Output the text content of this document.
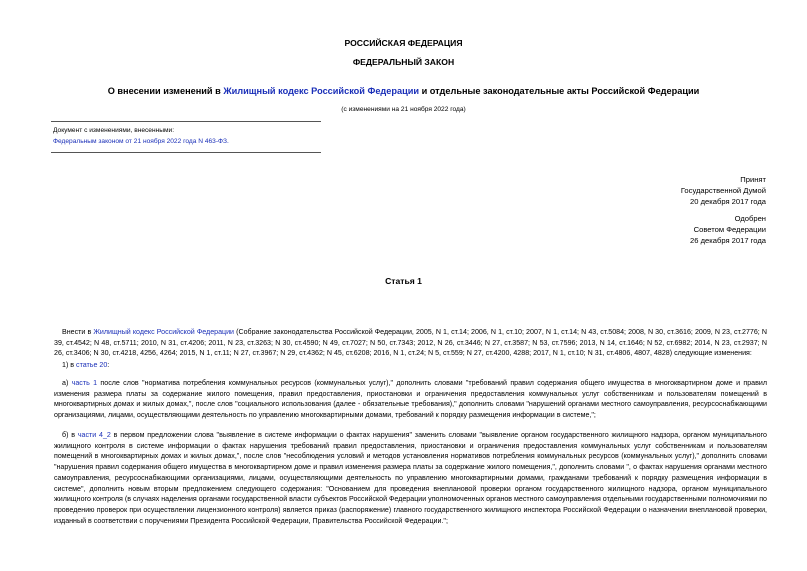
РОССИЙСКАЯ ФЕДЕРАЦИЯ
ФЕДЕРАЛЬНЫЙ ЗАКОН
О внесении изменений в Жилищный кодекс Российской Федерации и отдельные законодательные акты Российской Федерации
(с изменениями на 21 ноября 2022 года)
Документ с изменениями, внесенными:
Федеральным законом от 21 ноября 2022 года N 463-ФЗ.
Принят
Государственной Думой
20 декабря 2017 года
Одобрен
Советом Федерации
26 декабря 2017 года
Статья 1

Внести в Жилищный кодекс Российской Федерации (Собрание законодательства Российской Федерации, 2005, N 1, ст.14; 2006, N 1, ст.10; 2007, N 1, ст.14; N 43, ст.5084; 2008, N 30, ст.3616; 2009, N 23, ст.2776; N 39, ст.4542; N 48, ст.5711; 2010, N 31, ст.4206; 2011, N 23, ст.3263; N 30, ст.4590; N 49, ст.7027; N 50, ст.7343; 2012, N 26, ст.3446; N 27, ст.3587; N 53, ст.7596; 2013, N 14, ст.1646; N 52, ст.6982; 2014, N 23, ст.2937; N 26, ст.3406; N 30, ст.4218, 4256, 4264; 2015, N 1, ст.11; N 27, ст.3967; N 29, ст.4362; N 45, ст.6208; 2016, N 1, ст.24; N 5, ст.559; N 27, ст.4200, 4288; 2017, N 1, ст.10; N 31, ст.4806, 4807, 4828) следующие изменения:

1) в статье 20:

а) часть 1 после слов "норматива потребления коммунальных ресурсов (коммунальных услуг)," дополнить словами "требований правил содержания общего имущества в многоквартирном доме и правил изменения размера платы за содержание жилого помещения, правил предоставления, приостановки и ограничения предоставления коммунальных услуг собственникам и пользователям помещений в многоквартирных домах и жилых домах,", после слов "социального использования (далее - обязательные требования)," дополнить словами "нарушений органами местного самоуправления, ресурсоснабжающими организациями, лицами, осуществляющими деятельность по управлению многоквартирными домами, требований к порядку размещения информации в системе,";

б) в части 4_2 в первом предложении слова "выявление в системе информации о фактах нарушения" заменить словами "выявление органом государственного жилищного надзора, органом муниципального жилищного контроля в системе информации о фактах нарушения требований правил предоставления, приостановки и ограничения предоставления коммунальных услуг собственникам и пользователям помещений в многоквартирных домах и жилых домах,", после слов "несоблюдения условий и методов установления нормативов потребления коммунальных ресурсов (коммунальных услуг)," дополнить словами "нарушения правил содержания общего имущества в многоквартирном доме и правил изменения размера платы за содержание жилого помещения,", дополнить словами ", о фактах нарушения органами местного самоуправления, ресурсоснабжающими организациями, лицами, осуществляющими деятельность по управлению многоквартирными домами, гражданами требований к порядку размещения информации в системе", дополнить новым вторым предложением следующего содержания: "Основанием для проведения внеплановой проверки органом государственного жилищного надзора, органом муниципального жилищного контроля (в случаях наделения органами государственной власти субъектов Российской Федерации уполномоченных органов местного самоуправления отдельными государственными полномочиями по проведению проверок при осуществлении лицензионного контроля) является приказ (распоряжение) главного государственного жилищного инспектора Российской Федерации о назначении внеплановой проверки, изданный в соответствии с поручениями Президента Российской Федерации, Правительства Российской Федерации.";
